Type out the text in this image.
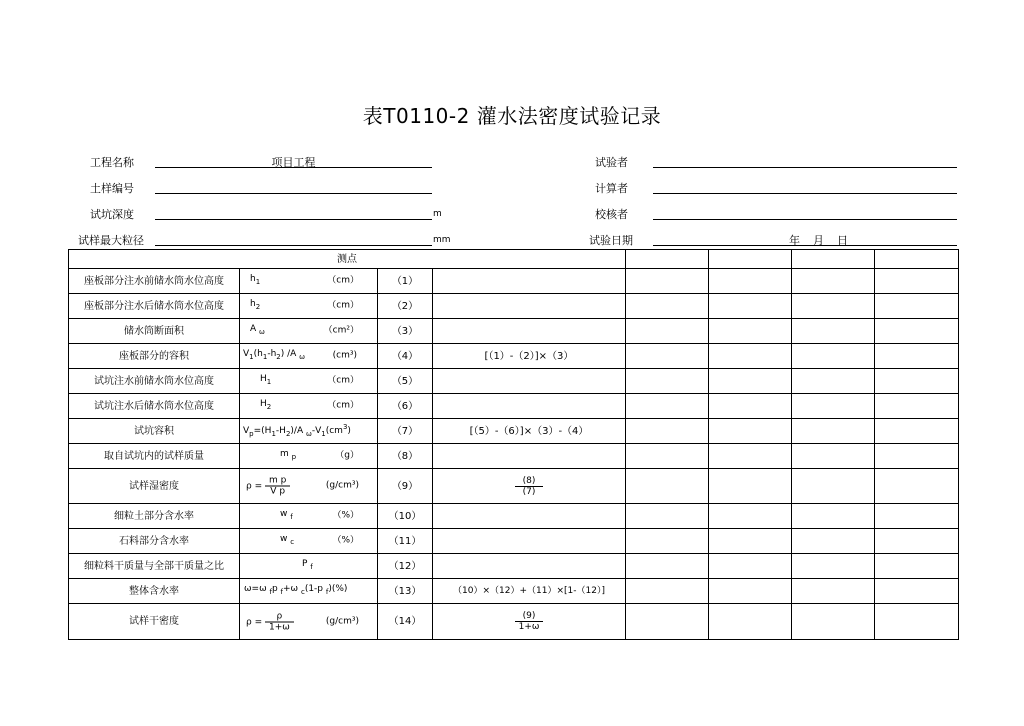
表T0110-2 灌水法密度试验记录
工程名称	项目工程
土样编号
试坑深度	m
试样最大粒径	mm
试验者
计算者
校核者
试验日期	年 月 日
测点							
座板部分注水前储水筒水位高度	$h_1$ （cm）	（1）					
座板部分注水后储水筒水位高度	$h_2$ （cm）	（2）					
储水筒断面积	A $_\omega$ （cm²）	（3）					
座板部分的容积	$V_1(h_1-h_2)$ /A $_\omega$ (cm³)	（4）	[（1）-（2）]×（3）				
试坑注水前储水筒水位高度	$H_1$ （cm）	（5）					
试坑注水后储水筒水位高度	$H_2$ （cm）	（6）					
试坑容积	$V_p=(H_1-H_2)/A$ $_\omega-V_1(cm^3)$	（7）	[（5）-（6）]×（3）-（4）				
取自试坑内的试样质量	m $_p$ （g）	（8）					
试样湿密度	$\rho = \frac{\text{m p}}{\text{V p}} (g/cm^3)$	（9）	$\frac{(8)}{(7)}$

细粒土部分含水率	w $_f$ （%）	（10）					
石料部分含水率	w $_c$ （%）	（11）					
细粒料干质量与全部干质量之比	P $_f$	（12）					
整体含水率	ω=ω $_f$p $_f$+ω $_c$(1-p $_f$)(%)	（13）	（10）×（12）+（11）×[1-（12）]				
试样干密度	$\rho = \frac{\rho}{1+\omega} (g/cm^3)$	（14）	$\frac{(9)}{1+\omega}$
